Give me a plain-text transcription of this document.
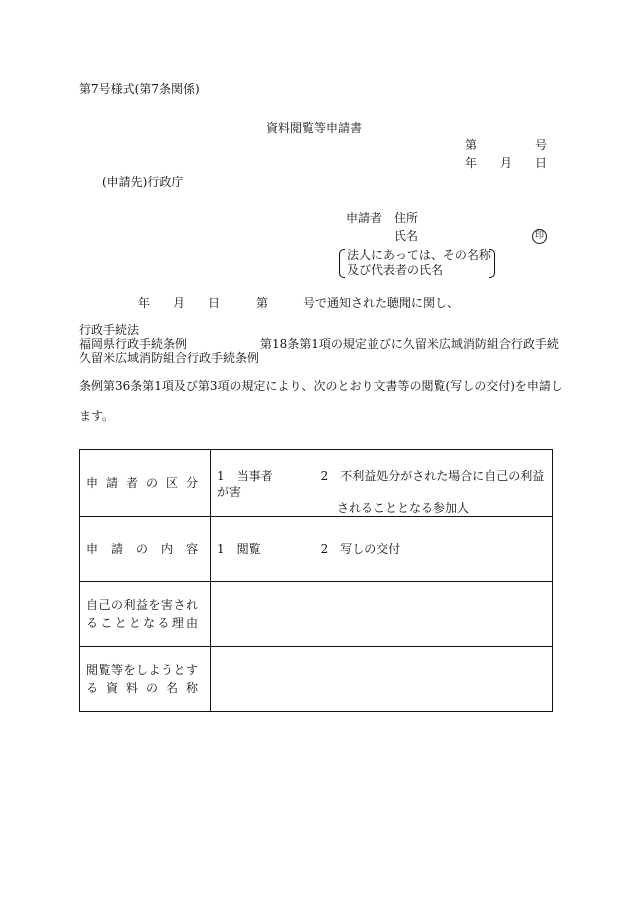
第7号様式(第7条関係)
資料閲覧等申請書
第	号
年 月 日
(申請先)行政庁
申請者 住所
氏名	印
法人にあっては、その名称
及び代表者の氏名
年 月 日	第	号で通知された聴聞に関し、
行政手続法
福岡県行政手続条例	第18条第1項の規定並びに久留米広域消防組合行政手続
久留米広域消防組合行政手続条例
条例第36条第1項及び第3項の規定により、次のとおり文書等の閲覧(写しの交付)を申請し
ます。
申請者の区分	1　当事者　　　　2　不利益処分がされた場合に自己の利益が害
　　　　　　　　　　されることとなる参加人

申請の内容	1　閲覧　　　　　2　写しの交付

自己の利益を害され
ることとなる理由	

閲覧等をしようとす
る資料の名称	
